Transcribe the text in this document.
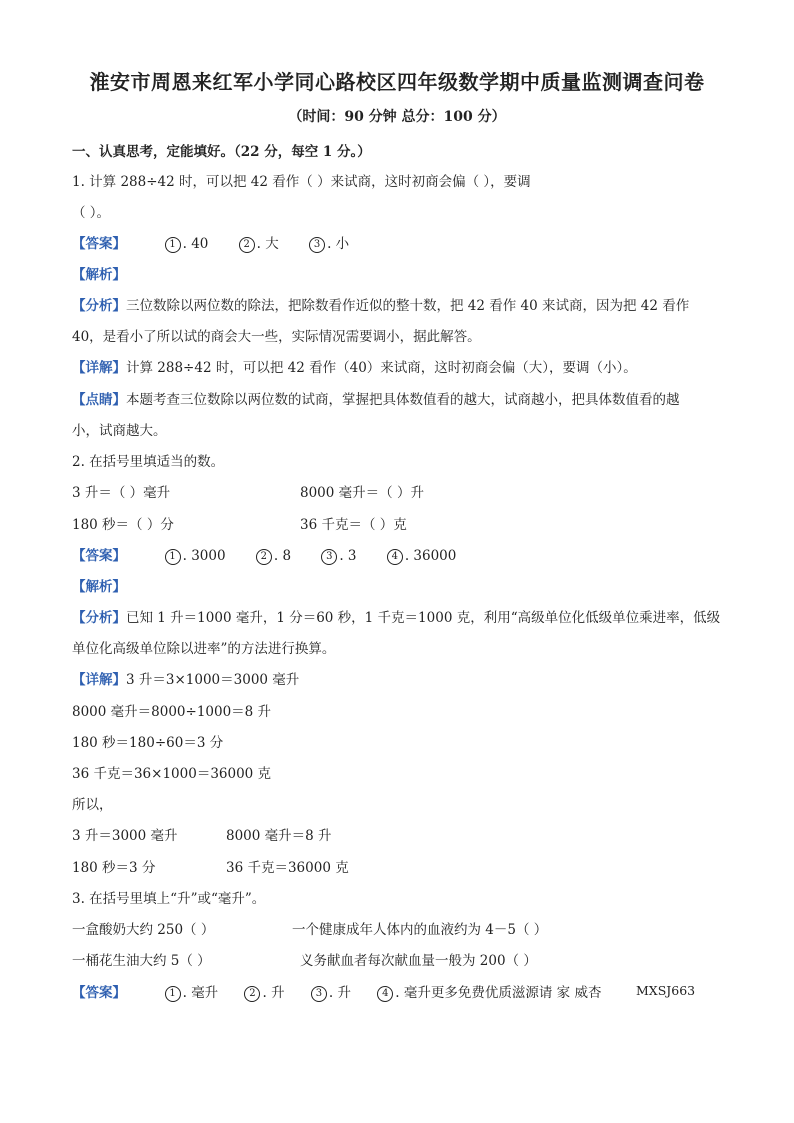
淮安市周恩来红军小学同心路校区四年级数学期中质量监测调查问卷
（时间：90 分钟 总分：100 分）
一、认真思考，定能填好。（22 分，每空 1 分。）
1. 计算 288÷42 时，可以把 42 看作（ ）来试商，这时初商会偏（ ），要调
（ ）。
【答案】	1 . 40	2 . 大	3 . 小
【解析】
【分析】三位数除以两位数的除法，把除数看作近似的整十数，把 42 看作 40 来试商，因为把 42 看作
40，是看小了所以试的商会大一些，实际情况需要调小，据此解答。
【详解】计算 288÷42 时，可以把 42 看作（40）来试商，这时初商会偏（大），要调（小）。
【点睛】本题考查三位数除以两位数的试商，掌握把具体数值看的越大，试商越小，把具体数值看的越
小，试商越大。
2. 在括号里填适当的数。
3 升＝（ ）毫升	8000 毫升＝（ ）升
180 秒＝（ ）分	36 千克＝（ ）克
【答案】	1 . 3000	2 . 8	3 . 3	4 . 36000
【解析】
【分析】已知 1 升＝1000 毫升，1 分＝60 秒，1 千克＝1000 克，利用“高级单位化低级单位乘进率，低级
单位化高级单位除以进率”的方法进行换算。
【详解】3 升＝3×1000＝3000 毫升
8000 毫升＝8000÷1000＝8 升
180 秒＝180÷60＝3 分
36 千克＝36×1000＝36000 克
所以，
3 升＝3000 毫升	8000 毫升＝8 升
180 秒＝3 分	36 千克＝36000 克
3. 在括号里填上“升”或“毫升”。
一盒酸奶大约 250（ ）	一个健康成年人体内的血液约为 4－5（ ）
一桶花生油大约 5（ ）	义务献血者每次献血量一般为 200（ ）
【答案】	1 . 毫升	2 . 升	3 . 升	4 . 毫升更多免费优质滋源请 家 威杏	MXSJ663
